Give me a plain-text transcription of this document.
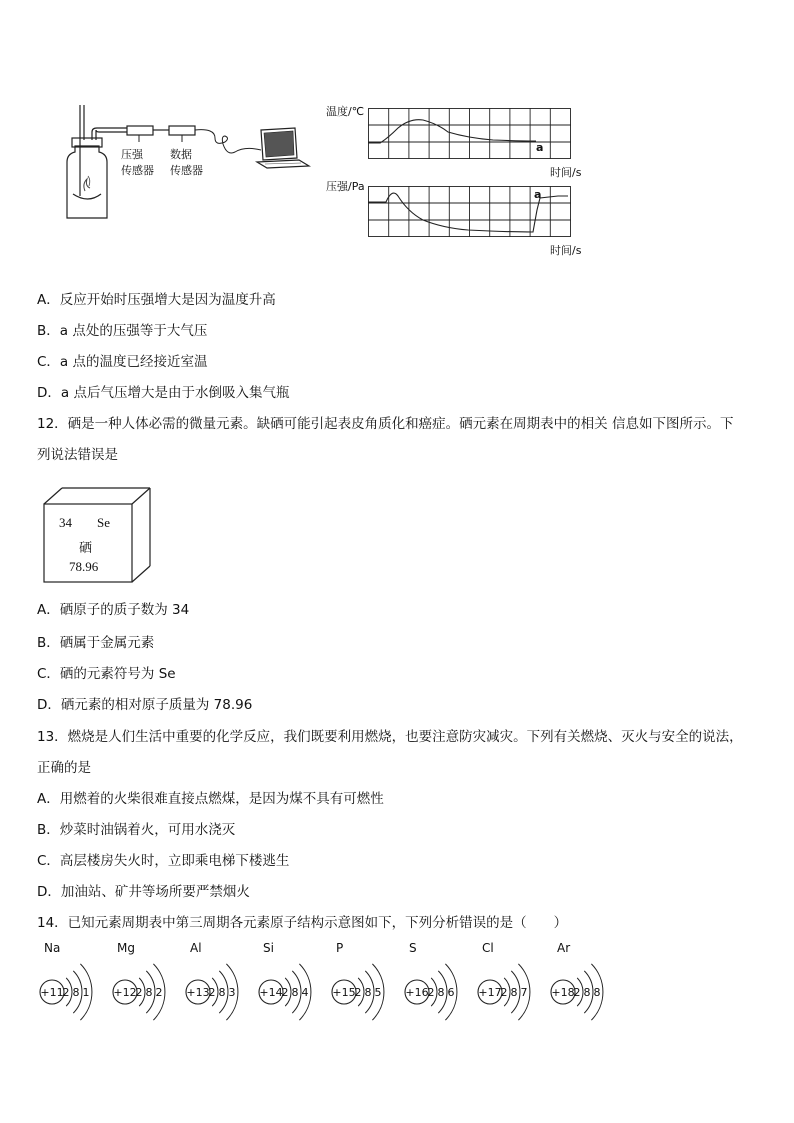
压强
传感器
数据
传感器
温度/℃
a
时间/s
压强/Pa
a
时间/s
A．反应开始时压强增大是因为温度升高
B．a 点处的压强等于大气压
C．a 点的温度已经接近室温
D．a 点后气压增大是由于水倒吸入集气瓶
12．硒是一种人体必需的微量元素。缺硒可能引起表皮角质化和癌症。硒元素在周期表中的相关 信息如下图所示。下
列说法错误是
34 Se
硒
78.96
A．硒原子的质子数为 34
B．硒属于金属元素
C．硒的元素符号为 Se
D．硒元素的相对原子质量为 78.96
13．燃烧是人们生活中重要的化学反应，我们既要利用燃烧，也要注意防灾减灾。下列有关燃烧、灭火与安全的说法，
正确的是
A．用燃着的火柴很难直接点燃煤，是因为煤不具有可燃性
B．炒菜时油锅着火，可用水浇灭
C．高层楼房失火时，立即乘电梯下楼逃生
D．加油站、矿井等场所要严禁烟火
14．已知元素周期表中第三周期各元素原子结构示意图如下，下列分析错误的是（　　）
Na
+11
2 8 1
Mg
+12
2 8 2
Al
+13
2 8 3
Si
+14
2 8 4
P
+15
2 8 5
S
+16
2 8 6
Cl
+17
2 8 7
Ar
+18
2 8 8
